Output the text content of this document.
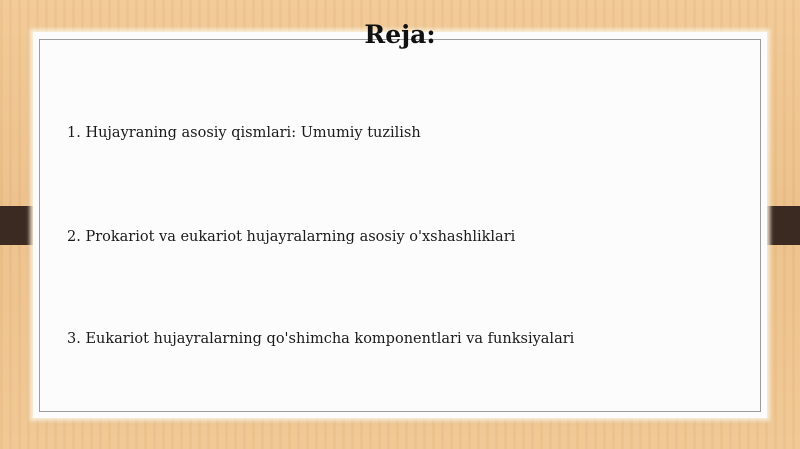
Reja:
1. Hujayraning asosiy qismlari: Umumiy tuzilish
2. Prokariot va eukariot hujayralarning asosiy o'xshashliklari
3. Eukariot hujayralarning qo'shimcha komponentlari va funksiyalari
